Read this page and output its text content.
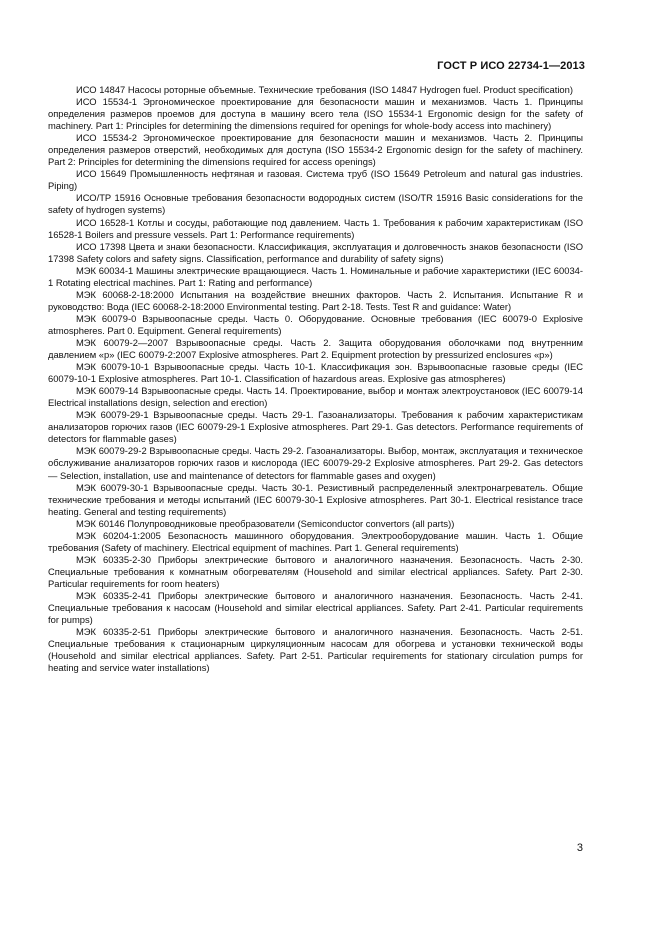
ГОСТ Р ИСО 22734-1—2013

ИСО 14847 Насосы роторные объемные. Технические требования (ISO 14847 Hydrogen fuel. Product specification)

ИСО 15534-1 Эргономическое проектирование для безопасности машин и механизмов. Часть 1. Принципы определения размеров проемов для доступа в машину всего тела (ISO 15534-1 Ergonomic design for the safety of machinery. Part 1: Principles for determining the dimensions required for openings for whole-body access into machinery)

ИСО 15534-2 Эргономическое проектирование для безопасности машин и механизмов. Часть 2. Принципы определения размеров отверстий, необходимых для доступа (ISO 15534-2 Ergonomic design for the safety of machinery. Part 2: Principles for determining the dimensions required for access openings)

ИСО 15649 Промышленность нефтяная и газовая. Система труб (ISO 15649 Petroleum and natural gas industries. Piping)

ИСО/ТР 15916 Основные требования безопасности водородных систем (ISO/TR 15916 Basic considerations for the safety of hydrogen systems)

ИСО 16528-1 Котлы и сосуды, работающие под давлением. Часть 1. Требования к рабочим характеристикам (ISO 16528-1 Boilers and pressure vessels. Part 1: Performance requirements)

ИСО 17398 Цвета и знаки безопасности. Классификация, эксплуатация и долговечность знаков безопасности (ISO 17398 Safety colors and safety signs. Classification, performance and durability of safety signs)

МЭК 60034-1 Машины электрические вращающиеся. Часть 1. Номинальные и рабочие характеристики (IEC 60034-1 Rotating electrical machines. Part 1: Rating and performance)

МЭК 60068-2-18:2000 Испытания на воздействие внешних факторов. Часть 2. Испытания. Испытание R и руководство: Вода (IEC 60068-2-18:2000 Environmental testing. Part 2-18. Tests. Test R and guidance: Water)

МЭК 60079-0 Взрывоопасные среды. Часть 0. Оборудование. Основные требования (IEC 60079-0 Explosive atmospheres. Part 0. Equipment. General requirements)

МЭК 60079-2—2007 Взрывоопасные среды. Часть 2. Защита оборудования оболочками под внутренним давлением «р» (IEC 60079-2:2007 Explosive atmospheres. Part 2. Equipment protection by pressurized enclosures «р»)

МЭК 60079-10-1 Взрывоопасные среды. Часть 10-1. Классификация зон. Взрывоопасные газовые среды (IEC 60079-10-1 Explosive atmospheres. Part 10-1. Classification of hazardous areas. Explosive gas atmospheres)

МЭК 60079-14 Взрывоопасные среды. Часть 14. Проектирование, выбор и монтаж электроустановок (IEC 60079-14 Electrical installations design, selection and erection)

МЭК 60079-29-1 Взрывоопасные среды. Часть 29-1. Газоанализаторы. Требования к рабочим характеристикам анализаторов горючих газов (IEC 60079-29-1 Explosive atmospheres. Part 29-1. Gas detectors. Performance requirements of detectors for flammable gases)

МЭК 60079-29-2 Взрывоопасные среды. Часть 29-2. Газоанализаторы. Выбор, монтаж, эксплуатация и техническое обслуживание анализаторов горючих газов и кислорода (IEC 60079-29-2 Explosive atmospheres. Part 29-2. Gas detectors — Selection, installation, use and maintenance of detectors for flammable gases and oxygen)

МЭК 60079-30-1 Взрывоопасные среды. Часть 30-1. Резистивный распределенный электронагреватель. Общие технические требования и методы испытаний (IEC 60079-30-1 Explosive atmospheres. Part 30-1. Electrical resistance trace heating. General and testing requirements)

МЭК 60146 Полупроводниковые преобразователи (Semiconductor convertors (all parts))

МЭК 60204-1:2005 Безопасность машинного оборудования. Электрооборудование машин. Часть 1. Общие требования (Safety of machinery. Electrical equipment of machines. Part 1. General requirements)

МЭК 60335-2-30 Приборы электрические бытового и аналогичного назначения. Безопасность. Часть 2-30. Специальные требования к комнатным обогревателям (Household and similar electrical appliances. Safety. Part 2-30. Particular requirements for room heaters)

МЭК 60335-2-41 Приборы электрические бытового и аналогичного назначения. Безопасность. Часть 2-41. Специальные требования к насосам (Household and similar electrical appliances. Safety. Part 2-41. Particular requirements for pumps)

МЭК 60335-2-51 Приборы электрические бытового и аналогичного назначения. Безопасность. Часть 2-51. Специальные требования к стационарным циркуляционным насосам для обогрева и установки технической воды (Household and similar electrical appliances. Safety. Part 2-51. Particular requirements for stationary circulation pumps for heating and service water installations)

3
